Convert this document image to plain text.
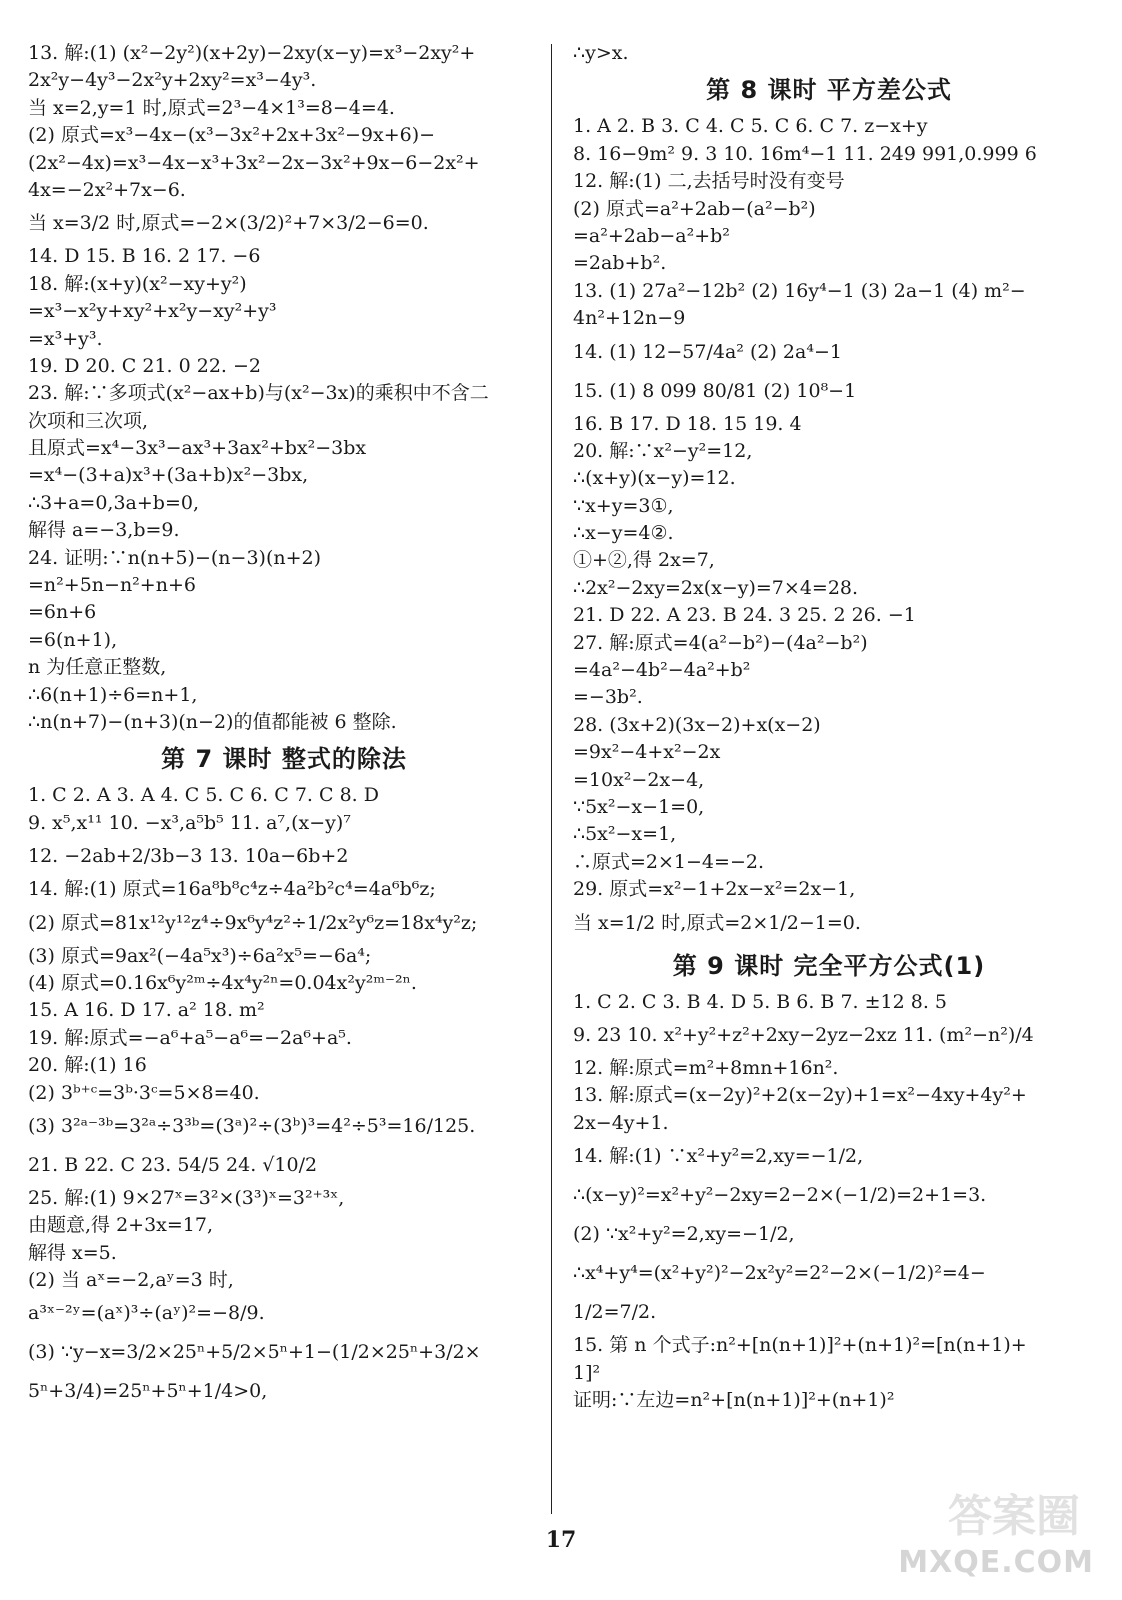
13. 解:(1) (x²−2y²)(x+2y)−2xy(x−y)=x³−2xy²+
2x²y−4y³−2x²y+2xy²=x³−4y³.
当 x=2,y=1 时,原式=2³−4×1³=8−4=4.
(2) 原式=x³−4x−(x³−3x²+2x+3x²−9x+6)−
(2x²−4x)=x³−4x−x³+3x²−2x−3x²+9x−6−2x²+
4x=−2x²+7x−6.
当 x=3/2 时,原式=−2×(3/2)²+7×3/2−6=0.
14. D 15. B 16. 2 17. −6
18. 解:(x+y)(x²−xy+y²)
=x³−x²y+xy²+x²y−xy²+y³
=x³+y³.
19. D 20. C 21. 0 22. −2
23. 解:∵多项式(x²−ax+b)与(x²−3x)的乘积中不含二
次项和三次项,
且原式=x⁴−3x³−ax³+3ax²+bx²−3bx
=x⁴−(3+a)x³+(3a+b)x²−3bx,
∴3+a=0,3a+b=0,
解得 a=−3,b=9.
24. 证明:∵n(n+5)−(n−3)(n+2)
=n²+5n−n²+n+6
=6n+6
=6(n+1),
n 为任意正整数,
∴6(n+1)÷6=n+1,
∴n(n+7)−(n+3)(n−2)的值都能被 6 整除.
第 7 课时 整式的除法
1. C 2. A 3. A 4. C 5. C 6. C 7. C 8. D
9. x⁵,x¹¹ 10. −x³,a⁵b⁵ 11. a⁷,(x−y)⁷
12. −2ab+2/3b−3 13. 10a−6b+2
14. 解:(1) 原式=16a⁸b⁸c⁴z÷4a²b²c⁴=4a⁶b⁶z;
(2) 原式=81x¹²y¹²z⁴÷9x⁶y⁴z²÷1/2x²y⁶z=18x⁴y²z;
(3) 原式=9ax²(−4a⁵x³)÷6a²x⁵=−6a⁴;
(4) 原式=0.16x⁶y²ᵐ÷4x⁴y²ⁿ=0.04x²y²ᵐ⁻²ⁿ.
15. A 16. D 17. a² 18. m²
19. 解:原式=−a⁶+a⁵−a⁶=−2a⁶+a⁵.
20. 解:(1) 16
(2) 3ᵇ⁺ᶜ=3ᵇ·3ᶜ=5×8=40.
(3) 3²ᵃ⁻³ᵇ=3²ᵃ÷3³ᵇ=(3ᵃ)²÷(3ᵇ)³=4²÷5³=16/125.
21. B 22. C 23. 54/5 24. √10/2
25. 解:(1) 9×27ˣ=3²×(3³)ˣ=3²⁺³ˣ,
由题意,得 2+3x=17,
解得 x=5.
(2) 当 aˣ=−2,aʸ=3 时,
a³ˣ⁻²ʸ=(aˣ)³÷(aʸ)²=−8/9.
(3) ∵y−x=3/2×25ⁿ+5/2×5ⁿ+1−(1/2×25ⁿ+3/2×
5ⁿ+3/4)=25ⁿ+5ⁿ+1/4>0,
∴y>x.
第 8 课时 平方差公式
1. A 2. B 3. C 4. C 5. C 6. C 7. z−x+y
8. 16−9m² 9. 3 10. 16m⁴−1 11. 249 991,0.999 6
12. 解:(1) 二,去括号时没有变号
(2) 原式=a²+2ab−(a²−b²)
=a²+2ab−a²+b²
=2ab+b².
13. (1) 27a²−12b² (2) 16y⁴−1 (3) 2a−1 (4) m²−
4n²+12n−9
14. (1) 12−57/4a² (2) 2a⁴−1
15. (1) 8 099 80/81 (2) 10⁸−1
16. B 17. D 18. 15 19. 4
20. 解:∵x²−y²=12,
∴(x+y)(x−y)=12.
∵x+y=3①,
∴x−y=4②.
①+②,得 2x=7,
∴2x²−2xy=2x(x−y)=7×4=28.
21. D 22. A 23. B 24. 3 25. 2 26. −1
27. 解:原式=4(a²−b²)−(4a²−b²)
=4a²−4b²−4a²+b²
=−3b².
28. (3x+2)(3x−2)+x(x−2)
=9x²−4+x²−2x
=10x²−2x−4,
∵5x²−x−1=0,
∴5x²−x=1,
∴原式=2×1−4=−2.
29. 原式=x²−1+2x−x²=2x−1,
当 x=1/2 时,原式=2×1/2−1=0.
第 9 课时 完全平方公式(1)
1. C 2. C 3. B 4. D 5. B 6. B 7. ±12 8. 5
9. 23 10. x²+y²+z²+2xy−2yz−2xz 11. (m²−n²)/4
12. 解:原式=m²+8mn+16n².
13. 解:原式=(x−2y)²+2(x−2y)+1=x²−4xy+4y²+
2x−4y+1.
14. 解:(1) ∵x²+y²=2,xy=−1/2,
∴(x−y)²=x²+y²−2xy=2−2×(−1/2)=2+1=3.
(2) ∵x²+y²=2,xy=−1/2,
∴x⁴+y⁴=(x²+y²)²−2x²y²=2²−2×(−1/2)²=4−
1/2=7/2.
15. 第 n 个式子:n²+[n(n+1)]²+(n+1)²=[n(n+1)+
1]²
证明:∵左边=n²+[n(n+1)]²+(n+1)²
17	答案圈
MXQE.COM
